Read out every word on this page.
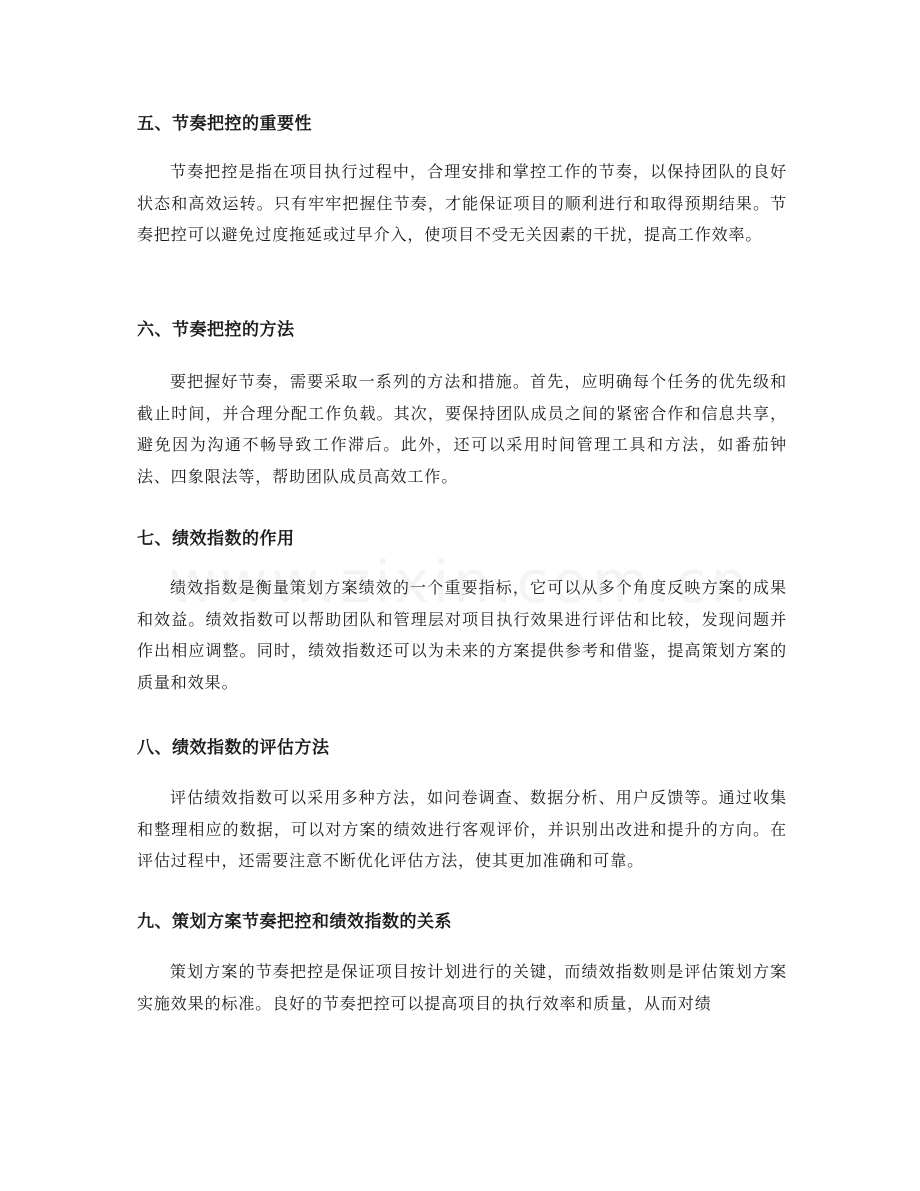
五、节奏把控的重要性

节奏把控是指在项目执行过程中，合理安排和掌控工作的节奏，以保持团队的良好状态和高效运转。只有牢牢把握住节奏，才能保证项目的顺利进行和取得预期结果。节奏把控可以避免过度拖延或过早介入，使项目不受无关因素的干扰，提高工作效率。

六、节奏把控的方法

要把握好节奏，需要采取一系列的方法和措施。首先，应明确每个任务的优先级和截止时间，并合理分配工作负载。其次，要保持团队成员之间的紧密合作和信息共享，避免因为沟通不畅导致工作滞后。此外，还可以采用时间管理工具和方法，如番茄钟法、四象限法等，帮助团队成员高效工作。

七、绩效指数的作用

绩效指数是衡量策划方案绩效的一个重要指标，它可以从多个角度反映方案的成果和效益。绩效指数可以帮助团队和管理层对项目执行效果进行评估和比较，发现问题并作出相应调整。同时，绩效指数还可以为未来的方案提供参考和借鉴，提高策划方案的质量和效果。

八、绩效指数的评估方法

评估绩效指数可以采用多种方法，如问卷调查、数据分析、用户反馈等。通过收集和整理相应的数据，可以对方案的绩效进行客观评价，并识别出改进和提升的方向。在评估过程中，还需要注意不断优化评估方法，使其更加准确和可靠。

九、策划方案节奏把控和绩效指数的关系

策划方案的节奏把控是保证项目按计划进行的关键，而绩效指数则是评估策划方案实施效果的标准。良好的节奏把控可以提高项目的执行效率和质量，从而对绩
